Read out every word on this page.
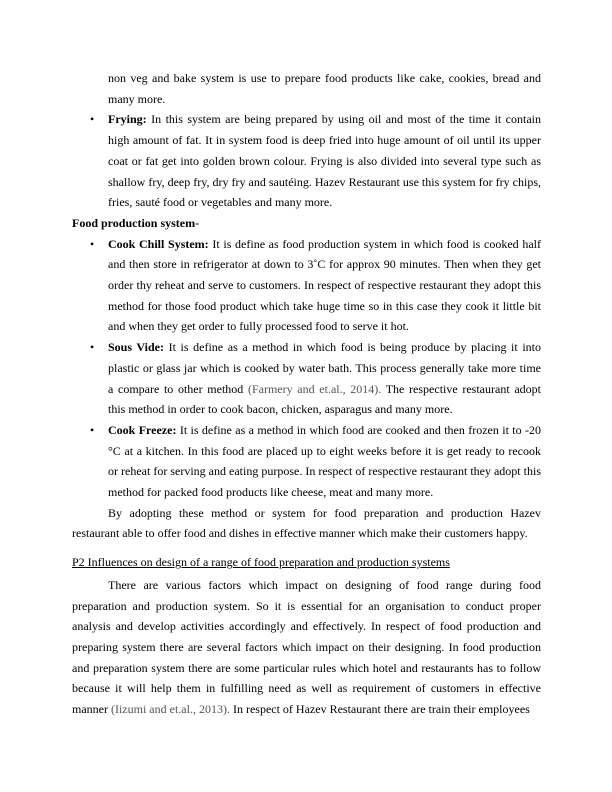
non veg and bake system is use to prepare food products like cake, cookies, bread and many more.

• Frying: In this system are being prepared by using oil and most of the time it contain high amount of fat. It in system food is deep fried into huge amount of oil until its upper coat or fat get into golden brown colour. Frying is also divided into several type such as shallow fry, deep fry, dry fry and sautéing. Hazev Restaurant use this system for fry chips, fries, sauté food or vegetables and many more.

Food production system-

• Cook Chill System: It is define as food production system in which food is cooked half and then store in refrigerator at down to 3˚C for approx 90 minutes. Then when they get order thy reheat and serve to customers. In respect of respective restaurant they adopt this method for those food product which take huge time so in this case they cook it little bit and when they get order to fully processed food to serve it hot.
• Sous Vide: It is define as a method in which food is being produce by placing it into plastic or glass jar which is cooked by water bath. This process generally take more time a compare to other method (Farmery and et.al., 2014). The respective restaurant adopt this method in order to cook bacon, chicken, asparagus and many more.
• Cook Freeze: It is define as a method in which food are cooked and then frozen it to -20 °C at a kitchen. In this food are placed up to eight weeks before it is get ready to recook or reheat for serving and eating purpose. In respect of respective restaurant they adopt this method for packed food products like cheese, meat and many more.

By adopting these method or system for food preparation and production Hazev restaurant able to offer food and dishes in effective manner which make their customers happy.

P2 Influences on design of a range of food preparation and production systems

There are various factors which impact on designing of food range during food preparation and production system. So it is essential for an organisation to conduct proper analysis and develop activities accordingly and effectively. In respect of food production and preparing system there are several factors which impact on their designing. In food production and preparation system there are some particular rules which hotel and restaurants has to follow because it will help them in fulfilling need as well as requirement of customers in effective manner (Iizumi and et.al., 2013). In respect of Hazev Restaurant there are train their employees
